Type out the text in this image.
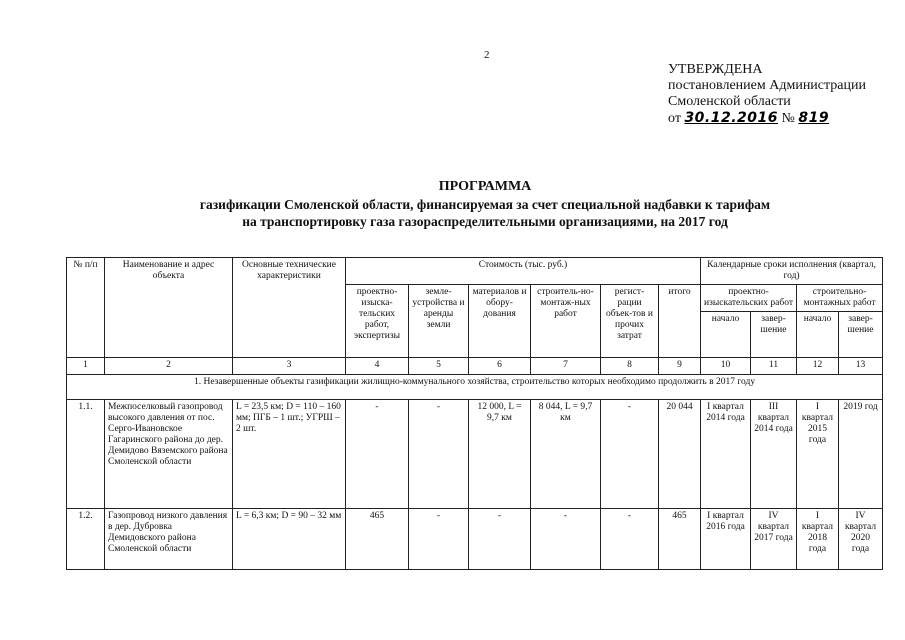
2
УТВЕРЖДЕНА
постановлением Администрации
Смоленской области
от 30.12.2016 № 819
ПРОГРАММА
газификации Смоленской области, финансируемая за счет специальной надбавки к тарифам
на транспортировку газа газораспределительными организациями, на 2017 год
№ п/п	Наименование и адрес объекта	Основные технические характеристики	Стоимость (тыс. руб.)						Календарные сроки исполнения (квартал, год)			
			проектно-изыска-тельских работ, экспертизы	земле-устройства и аренды земли	материалов и обору-дования	строитель-но-монтаж-ных работ	регист-рации объек-тов и прочих затрат	итого	проектно-изыскательских работ		строительно-монтажных работ	
									начало	завер-шение	начало	завер-шение
1	2	3	4	5	6	7	8	9	10	11	12	13
1. Незавершенные объекты газификации жилищно-коммунального хозяйства, строительство которых необходимо продолжить в 2017 году												
1.1.	Межпоселковый газопровод высокого давления от пос. Серго-Ивановское Гагаринского района до дер. Демидово Вяземского района Смоленской области	L = 23,5 км; D = 110 – 160 мм; ПГБ – 1 шт.; УГРШ – 2 шт.	-	-	12 000, L = 9,7 км	8 044, L = 9,7 км	-	20 044	I квартал 2014 года	III квартал 2014 года	I квартал 2015 года	2019 год
1.2.	Газопровод низкого давления в дер. Дубровка Демидовского района Смоленской области	L = 6,3 км; D = 90 – 32 мм	465	-	-	-	-	465	I квартал 2016 года	IV квартал 2017 года	I квартал 2018 года	IV квартал 2020 года
